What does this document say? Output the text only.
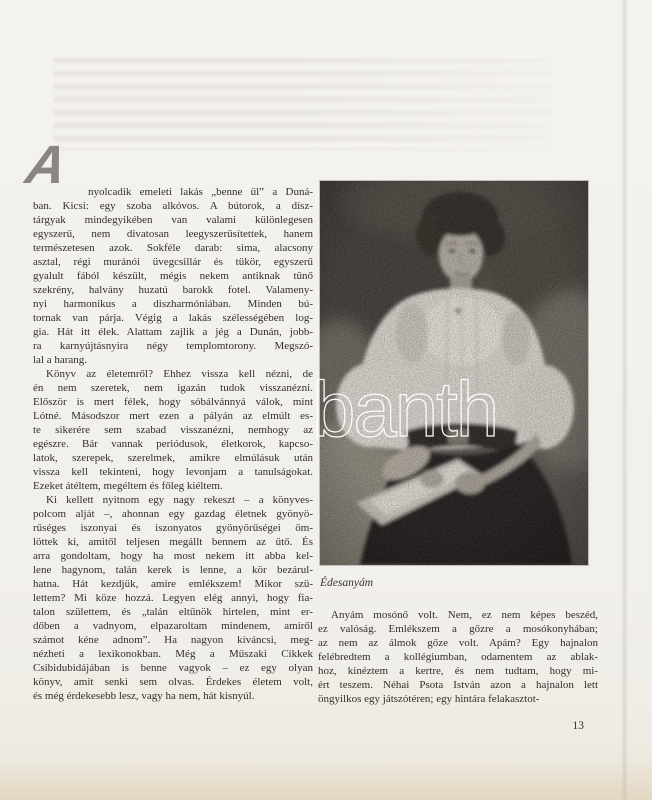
A	nyolcadik emeleti lakás „benne ül” a Duná-
ban. Kicsi: egy szoba alkóvos. A bútorok, a dísz-
tárgyak mindegyikében van valami különlegesen
egyszerű, nem divatosan leegyszerűsítettek, hanem
természetesen azok. Sokféle darab: sima, alacsony
asztal, régi muránói üvegcsillár és tükör, egyszerű
gyalult fából készült, mégis nekem antiknak tűnő
szekrény, halvány huzatú barokk fotel. Valameny-
nyi harmonikus a diszharmóniában. Minden bú-
tornak van párja. Végig a lakás szélességében log-
gia. Hát itt élek. Alattam zajlik a jég a Dunán, jobb-
ra karnyújtásnyira négy templomtorony. Megszó-
lal a harang.
Könyv az életemről? Ehhez vissza kell nézni, de
én nem szeretek, nem igazán tudok visszanézni.
Először is mert félek, hogy sóbálvánnyá válok, mint
Lótné. Másodszor mert ezen a pályán az elmúlt es-
te sikerére sem szabad visszanézni, nemhogy az
egészre. Bár vannak periódusok, életkorok, kapcso-
latok, szerepek, szerelmek, amikre elmúlásuk után
vissza kell tekinteni, hogy levonjam a tanulságokat.
Ezeket átéltem, megéltem és főleg kiéltem.
Ki kellett nyitnom egy nagy rekeszt – a könyves-
polcom alját –, ahonnan egy gazdag életnek gyönyö-
rűséges iszonyai és iszonyatos gyönyörűségei öm-
löttek ki, amitől teljesen megállt bennem az ütő. És
arra gondoltam, hogy ha most nekem itt abba kel-
lene hagynom, talán kerek is lenne, a kör bezárul-
hatna. Hát kezdjük, amire emlékszem! Mikor szü-
lettem? Mi köze hozzá. Legyen elég annyi, hogy fia-
talon születtem, és „talán eltűnök hirtelen, mint er-
dőben a vadnyom, elpazaroltam mindenem, amiről
számot kéne adnom”. Ha nagyon kíváncsi, meg-
nézheti a lexikonokban. Még a Műszaki Cikkek
Csibidubidájában is benne vagyok – ez egy olyan
könyv, amit senki sem olvas. Érdekes életem volt,
és még érdekesebb lesz, vagy ha nem, hát kisnyúl.
banth
Édesanyám
Anyám mosónő volt. Nem, ez nem képes beszéd,
ez valóság. Emlékszem a gőzre a mosókonyhában;
az nem az álmok gőze volt. Apám? Egy hajnalon
felébredtem a kollégiumban, odamentem az ablak-
hoz, kinéztem a kertre, és nem tudtam, hogy mi-
ért teszem. Néhai Psota István azon a hajnalon lett
öngyilkos egy játszótéren; egy hintára felakasztot-
13
